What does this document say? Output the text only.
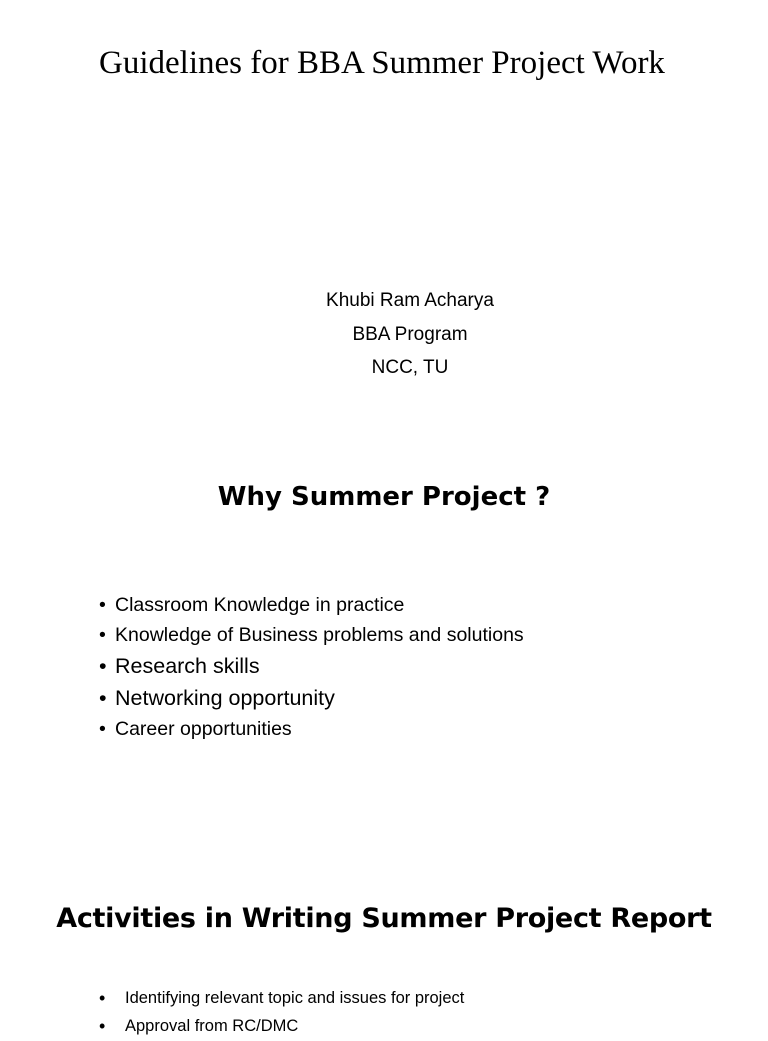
Guidelines for BBA Summer Project Work
Khubi Ram Acharya
BBA Program
NCC, TU
Why Summer Project ?
• Classroom Knowledge in practice
• Knowledge of Business problems and solutions
• Research skills
• Networking opportunity
• Career opportunities
Activities in Writing Summer Project Report
• Identifying relevant topic and issues for project
• Approval from RC/DMC
